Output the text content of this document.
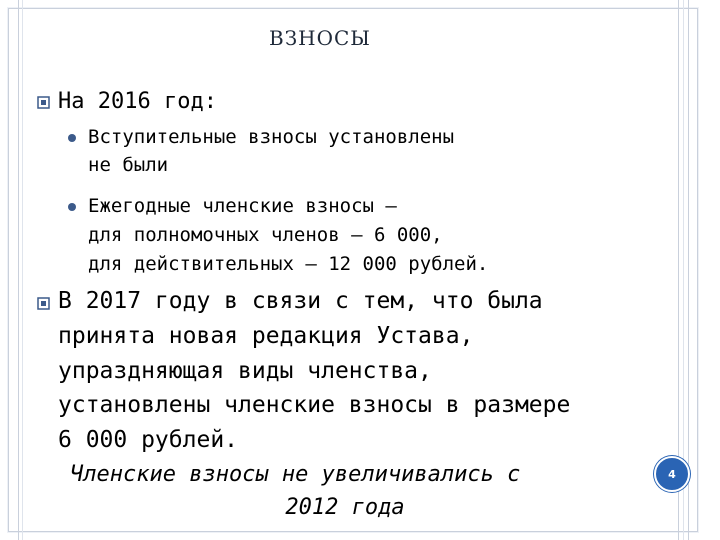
ВЗНОСЫ
На 2016 год:
Вступительные взносы установлены
не были
Ежегодные членские взносы –
для полномочных членов – 6 000,
для действительных – 12 000 рублей.
В 2017 году в связи с тем, что была
принята новая редакция Устава,
упраздняющая виды членства,
установлены членские взносы в размере
6 000 рублей.
Членские взносы не увеличивались с
2012 года
4
